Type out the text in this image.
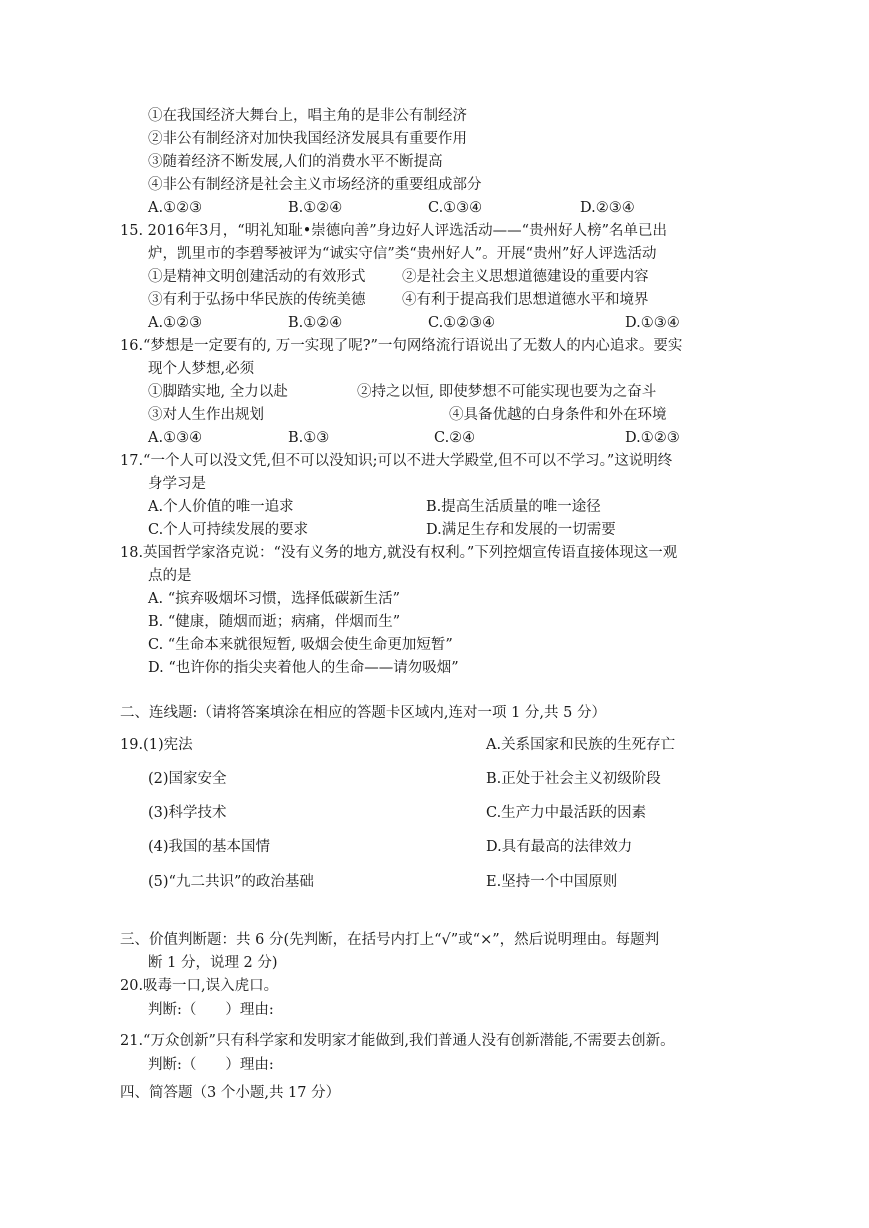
①在我国经济大舞台上，唱主角的是非公有制经济
②非公有制经济对加快我国经济发展具有重要作用
③随着经济不断发展,人们的消费水平不断提高
④非公有制经济是社会主义市场经济的重要组成部分
A.①②③	B.①②④	C.①③④	D.②③④
15. 2016年3月，“明礼知耻•崇德向善”身边好人评选活动——“贵州好人榜”名单已出
炉，凯里市的李碧琴被评为“诚实守信”类“贵州好人”。开展“贵州”好人评选活动
①是精神文明创建活动的有效形式	②是社会主义思想道德建设的重要内容
③有利于弘扬中华民族的传统美德	④有利于提高我们思想道德水平和境界
A.①②③	B.①②④	C.①②③④	D.①③④
16.“梦想是一定要有的, 万一实现了呢?”一句网络流行语说出了无数人的内心追求。要实
现个人梦想,必须
①脚踏实地, 全力以赴	②持之以恒, 即使梦想不可能实现也要为之奋斗
③对人生作出规划	④具备优越的白身条件和外在环境
A.①③④	B.①③	C.②④	D.①②③
17.“一个人可以没文凭,但不可以没知识;可以不进大学殿堂,但不可以不学习。”这说明终
身学习是
A.个人价值的唯一追求	B.提高生活质量的唯一途径
C.个人可持续发展的要求	D.满足生存和发展的一切需要
18.英国哲学家洛克说：“没有义务的地方,就没有权利。”下列控烟宣传语直接体现这一观
点的是
A. “摈弃吸烟坏习惯，选择低碳新生活”
B. “健康，随烟而逝；病痛，伴烟而生”
C. “生命本来就很短暂, 吸烟会使生命更加短暂”
D. “也许你的指尖夹着他人的生命——请勿吸烟”
二、连线题:（请将答案填涂在相应的答题卡区域内,连对一项 1 分,共 5 分）
19.(1)宪法	A.关系国家和民族的生死存亡
(2)国家安全	B.正处于社会主义初级阶段
(3)科学技术	C.生产力中最活跃的因素
(4)我国的基本国情	D.具有最高的法律效力
(5)“九二共识”的政治基础	E.坚持一个中国原则
三、价值判断题：共 6 分(先判断，在括号内打上“√”或“×”，然后说明理由。每题判
断 1 分，说理 2 分)
20.吸毒一口,误入虎口。
判断:（　　）理由:
21.“万众创新”只有科学家和发明家才能做到,我们普通人没有创新潜能,不需要去创新。
判断:（　　）理由:
四、简答题（3 个小题,共 17 分）
